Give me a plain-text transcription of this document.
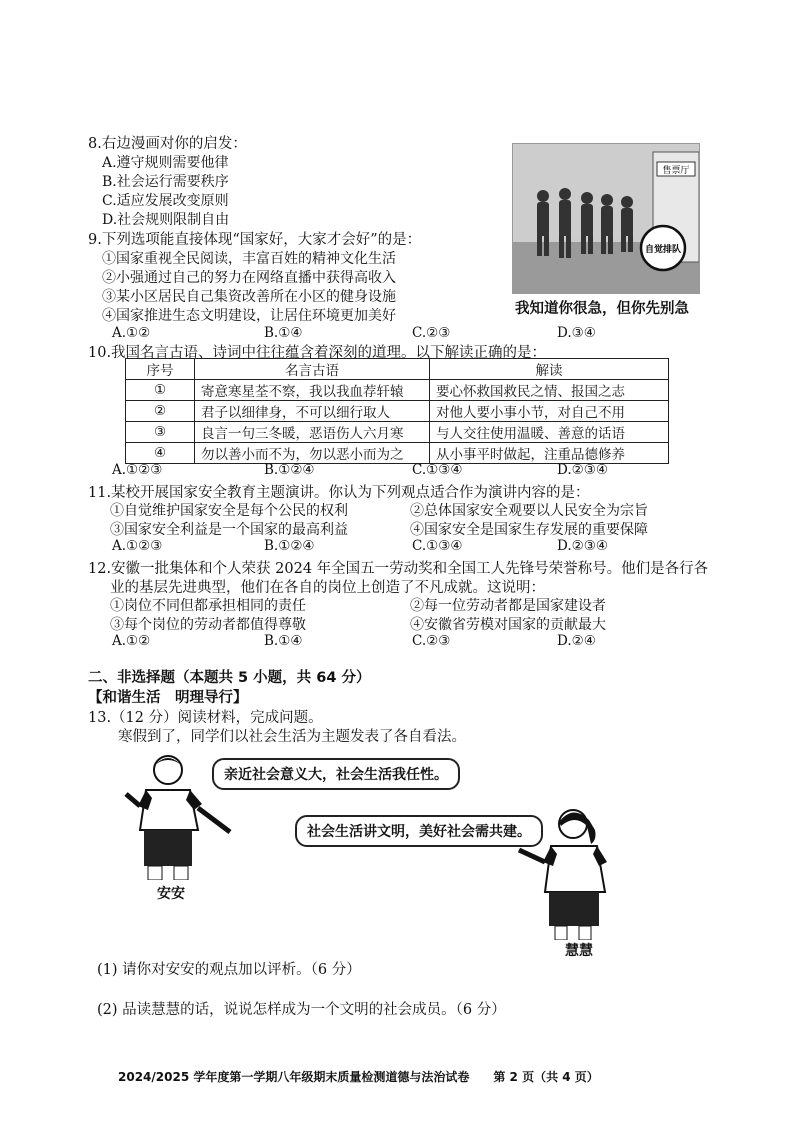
8.右边漫画对你的启发：
A.遵守规则需要他律
B.社会运行需要秩序
C.适应发展改变原则
D.社会规则限制自由
售票厅
自觉排队
我知道你很急，但你先别急
9.下列选项能直接体现“国家好，大家才会好”的是：
①国家重视全民阅读，丰富百姓的精神文化生活
②小强通过自己的努力在网络直播中获得高收入
③某小区居民自己集资改善所在小区的健身设施
④国家推进生态文明建设，让居住环境更加美好
A.①②	B.①④	C.②③	D.③④
10.我国名言古语、诗词中往往蕴含着深刻的道理。以下解读正确的是：
序号	名言古语	解读
①	寄意寒星荃不察，我以我血荐轩辕	要心怀救国救民之情、报国之志
②	君子以细律身，不可以细行取人	对他人要小事小节，对自己不用
③	良言一句三冬暖，恶语伤人六月寒	与人交往使用温暖、善意的话语
④	勿以善小而不为，勿以恶小而为之	从小事平时做起，注重品德修养
A.①②③	B.①②④	C.①③④	D.②③④
11.某校开展国家安全教育主题演讲。你认为下列观点适合作为演讲内容的是：
①自觉维护国家安全是每个公民的权利	②总体国家安全观要以人民安全为宗旨
③国家安全利益是一个国家的最高利益	④国家安全是国家生存发展的重要保障
A.①②③	B.①②④	C.①③④	D.②③④
12.安徽一批集体和个人荣获 2024 年全国五一劳动奖和全国工人先锋号荣誉称号。他们是各行各
业的基层先进典型，他们在各自的岗位上创造了不凡成就。这说明：
①岗位不同但都承担相同的责任	②每一位劳动者都是国家建设者
③每个岗位的劳动者都值得尊敬	④安徽省劳模对国家的贡献最大
A.①②	B.①④	C.②③	D.②④
二、非选择题（本题共 5 小题，共 64 分）
【和谐生活　明理导行】
13.（12 分）阅读材料，完成问题。
寒假到了，同学们以社会生活为主题发表了各自看法。
安安
亲近社会意义大，社会生活我任性。
慧慧
社会生活讲文明，美好社会需共建。
(1) 请你对安安的观点加以评析。（6 分）
(2) 品读慧慧的话，说说怎样成为一个文明的社会成员。（6 分）
2024/2025 学年度第一学期八年级期末质量检测道德与法治试卷　　第 2 页（共 4 页）
